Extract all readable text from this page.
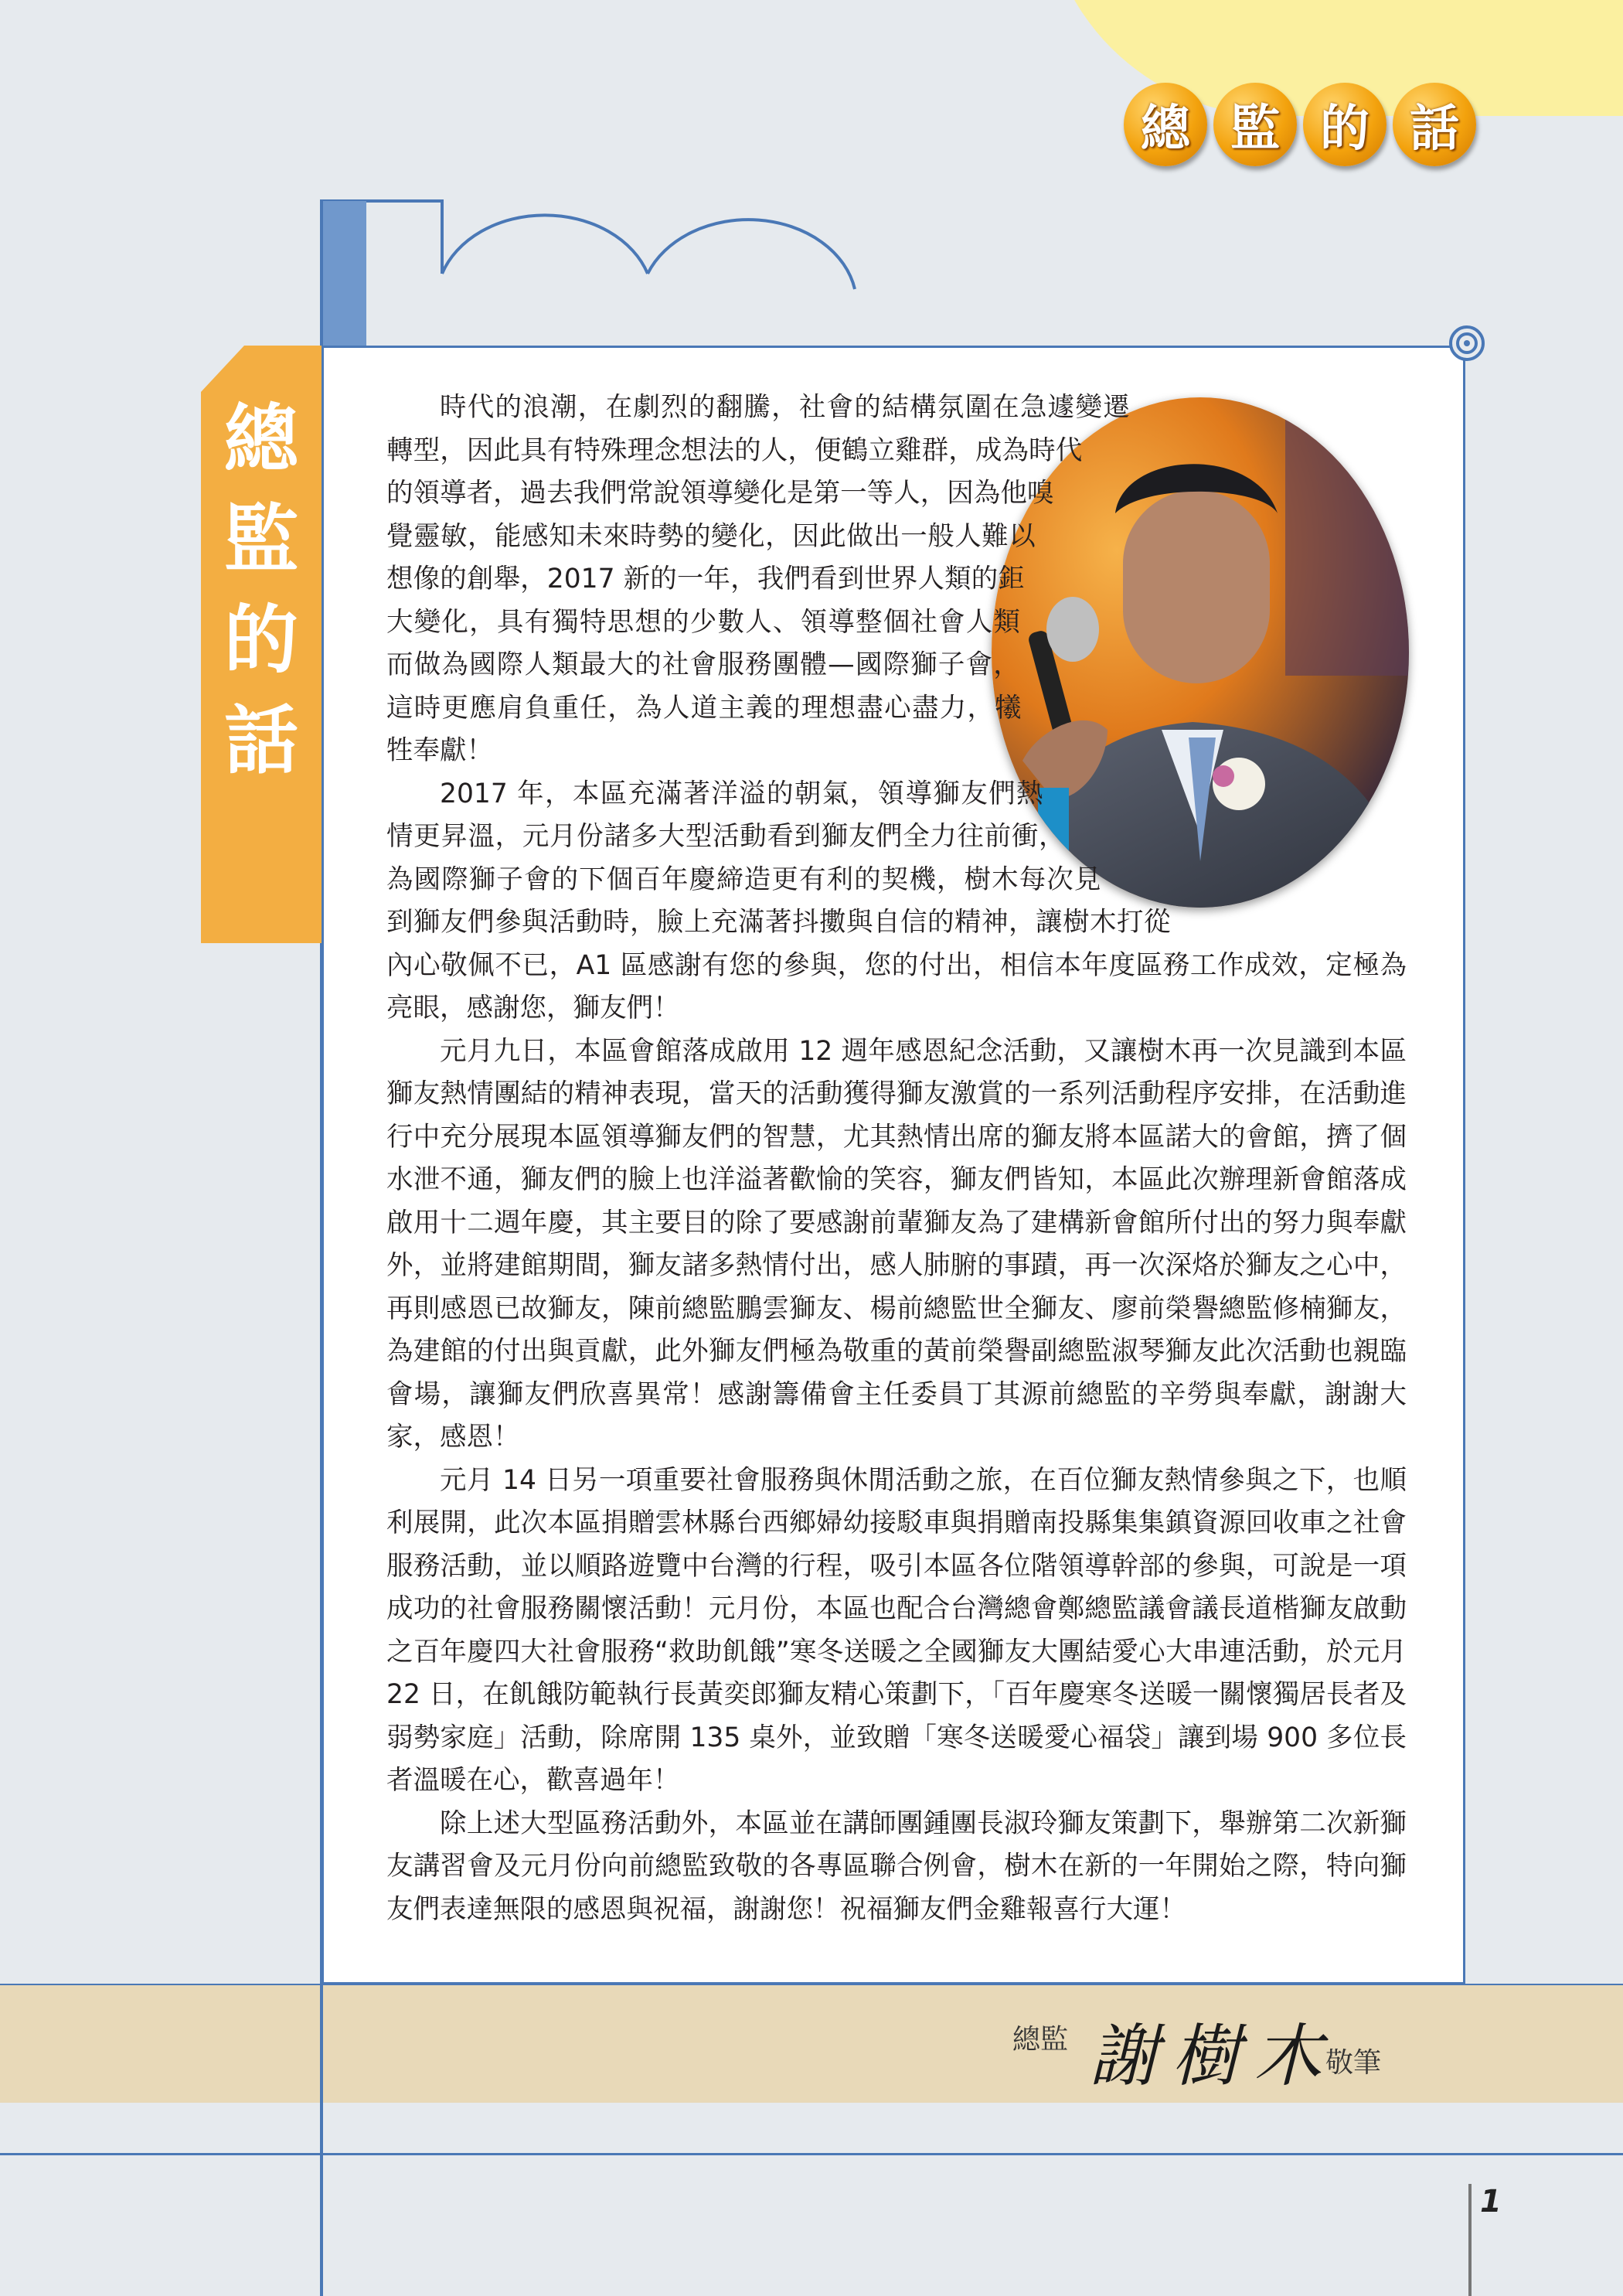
總 監 的 話
總
監
的
話

時代的浪潮，在劇烈的翻騰，社會的結構氛圍在急遽變遷轉型，因此具有特殊理念想法的人，便鶴立雞群，成為時代的領導者，過去我們常說領導變化是第一等人，因為他嗅覺靈敏，能感知未來時勢的變化，因此做出一般人難以想像的創舉，2017 新的一年，我們看到世界人類的鉅大變化，具有獨特思想的少數人、領導整個社會人類而做為國際人類最大的社會服務團體—國際獅子會，這時更應肩負重任，為人道主義的理想盡心盡力，犧牲奉獻！

2017 年，本區充滿著洋溢的朝氣，領導獅友們熱情更昇溫，元月份諸多大型活動看到獅友們全力往前衝，為國際獅子會的下個百年慶締造更有利的契機，樹木每次見到獅友們參與活動時，臉上充滿著抖擻與自信的精神，讓樹木打從內心敬佩不已，A1 區感謝有您的參與，您的付出，相信本年度區務工作成效，定極為亮眼，感謝您，獅友們！

元月九日，本區會館落成啟用 12 週年感恩紀念活動，又讓樹木再一次見識到本區獅友熱情團結的精神表現，當天的活動獲得獅友激賞的一系列活動程序安排，在活動進行中充分展現本區領導獅友們的智慧，尤其熱情出席的獅友將本區諾大的會館，擠了個水泄不通，獅友們的臉上也洋溢著歡愉的笑容，獅友們皆知，本區此次辦理新會館落成啟用十二週年慶，其主要目的除了要感謝前輩獅友為了建構新會館所付出的努力與奉獻外，並將建館期間，獅友諸多熱情付出，感人肺腑的事蹟，再一次深烙於獅友之心中，再則感恩已故獅友，陳前總監鵬雲獅友、楊前總監世全獅友、廖前榮譽總監修楠獅友，為建館的付出與貢獻，此外獅友們極為敬重的黃前榮譽副總監淑琴獅友此次活動也親臨會場，讓獅友們欣喜異常！感謝籌備會主任委員丁其源前總監的辛勞與奉獻，謝謝大家，感恩！

元月 14 日另一項重要社會服務與休閒活動之旅，在百位獅友熱情參與之下，也順利展開，此次本區捐贈雲林縣台西鄉婦幼接駁車與捐贈南投縣集集鎮資源回收車之社會服務活動，並以順路遊覽中台灣的行程，吸引本區各位階領導幹部的參與，可說是一項成功的社會服務關懷活動！元月份，本區也配合台灣總會鄭總監議會議長道楷獅友啟動之百年慶四大社會服務“救助飢餓”寒冬送暖之全國獅友大團結愛心大串連活動，於元月 22 日，在飢餓防範執行長黃奕郎獅友精心策劃下，「百年慶寒冬送暖一關懷獨居長者及弱勢家庭」活動，除席開 135 桌外，並致贈「寒冬送暖愛心福袋」讓到場 900 多位長者溫暖在心，歡喜過年！

除上述大型區務活動外，本區並在講師團鍾團長淑玲獅友策劃下，舉辦第二次新獅友講習會及元月份向前總監致敬的各專區聯合例會，樹木在新的一年開始之際，特向獅友們表達無限的感恩與祝福，謝謝您！祝福獅友們金雞報喜行大運！

總監 謝樹木
敬筆
1
